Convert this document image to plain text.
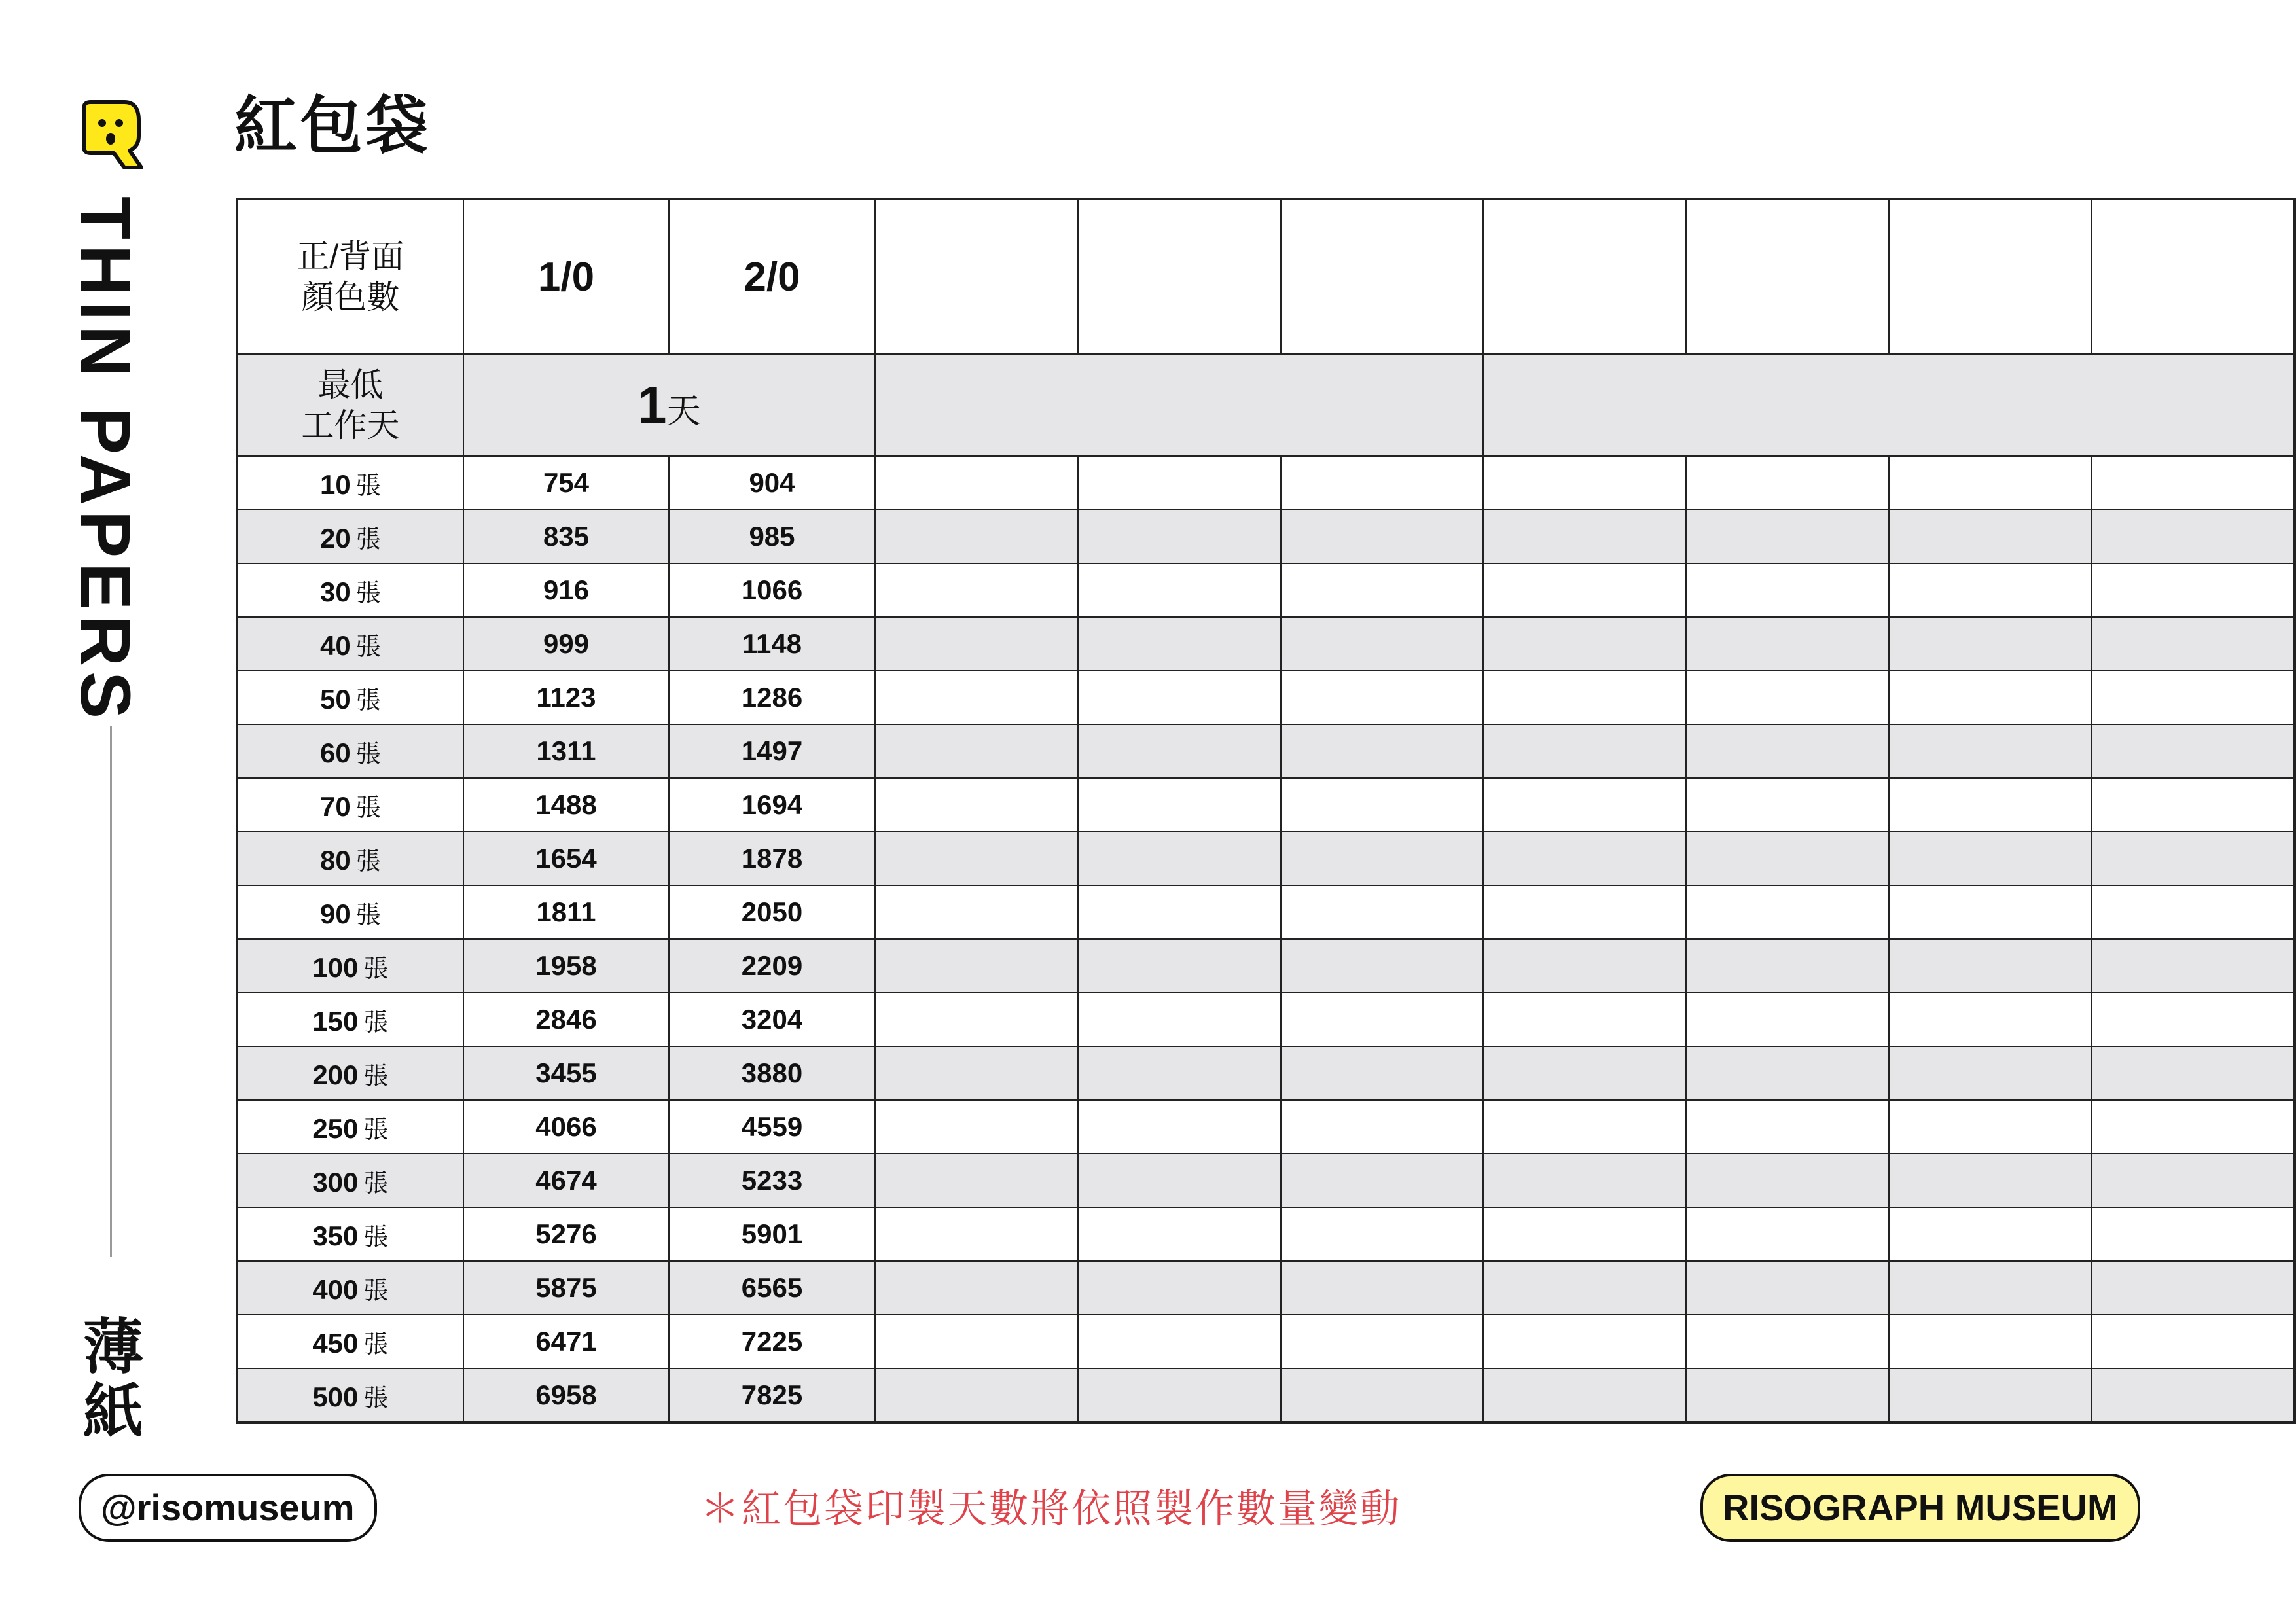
紅包袋
THIN PAPERS
薄紙
正/背面
顏色數	1/0	2/0							

最低
工作天	1天								
10 張	754	904							
20 張	835	985							
30 張	916	1066							
40 張	999	1148							
50 張	1123	1286							
60 張	1311	1497							
70 張	1488	1694							
80 張	1654	1878							
90 張	1811	2050							
100 張	1958	2209							
150 張	2846	3204							
200 張	3455	3880							
250 張	4066	4559							
300 張	4674	5233							
350 張	5276	5901							
400 張	5875	6565							
450 張	6471	7225							
500 張	6958	7825							
@risomuseum	＊紅包袋印製天數將依照製作數量變動	RISOGRAPH MUSEUM
